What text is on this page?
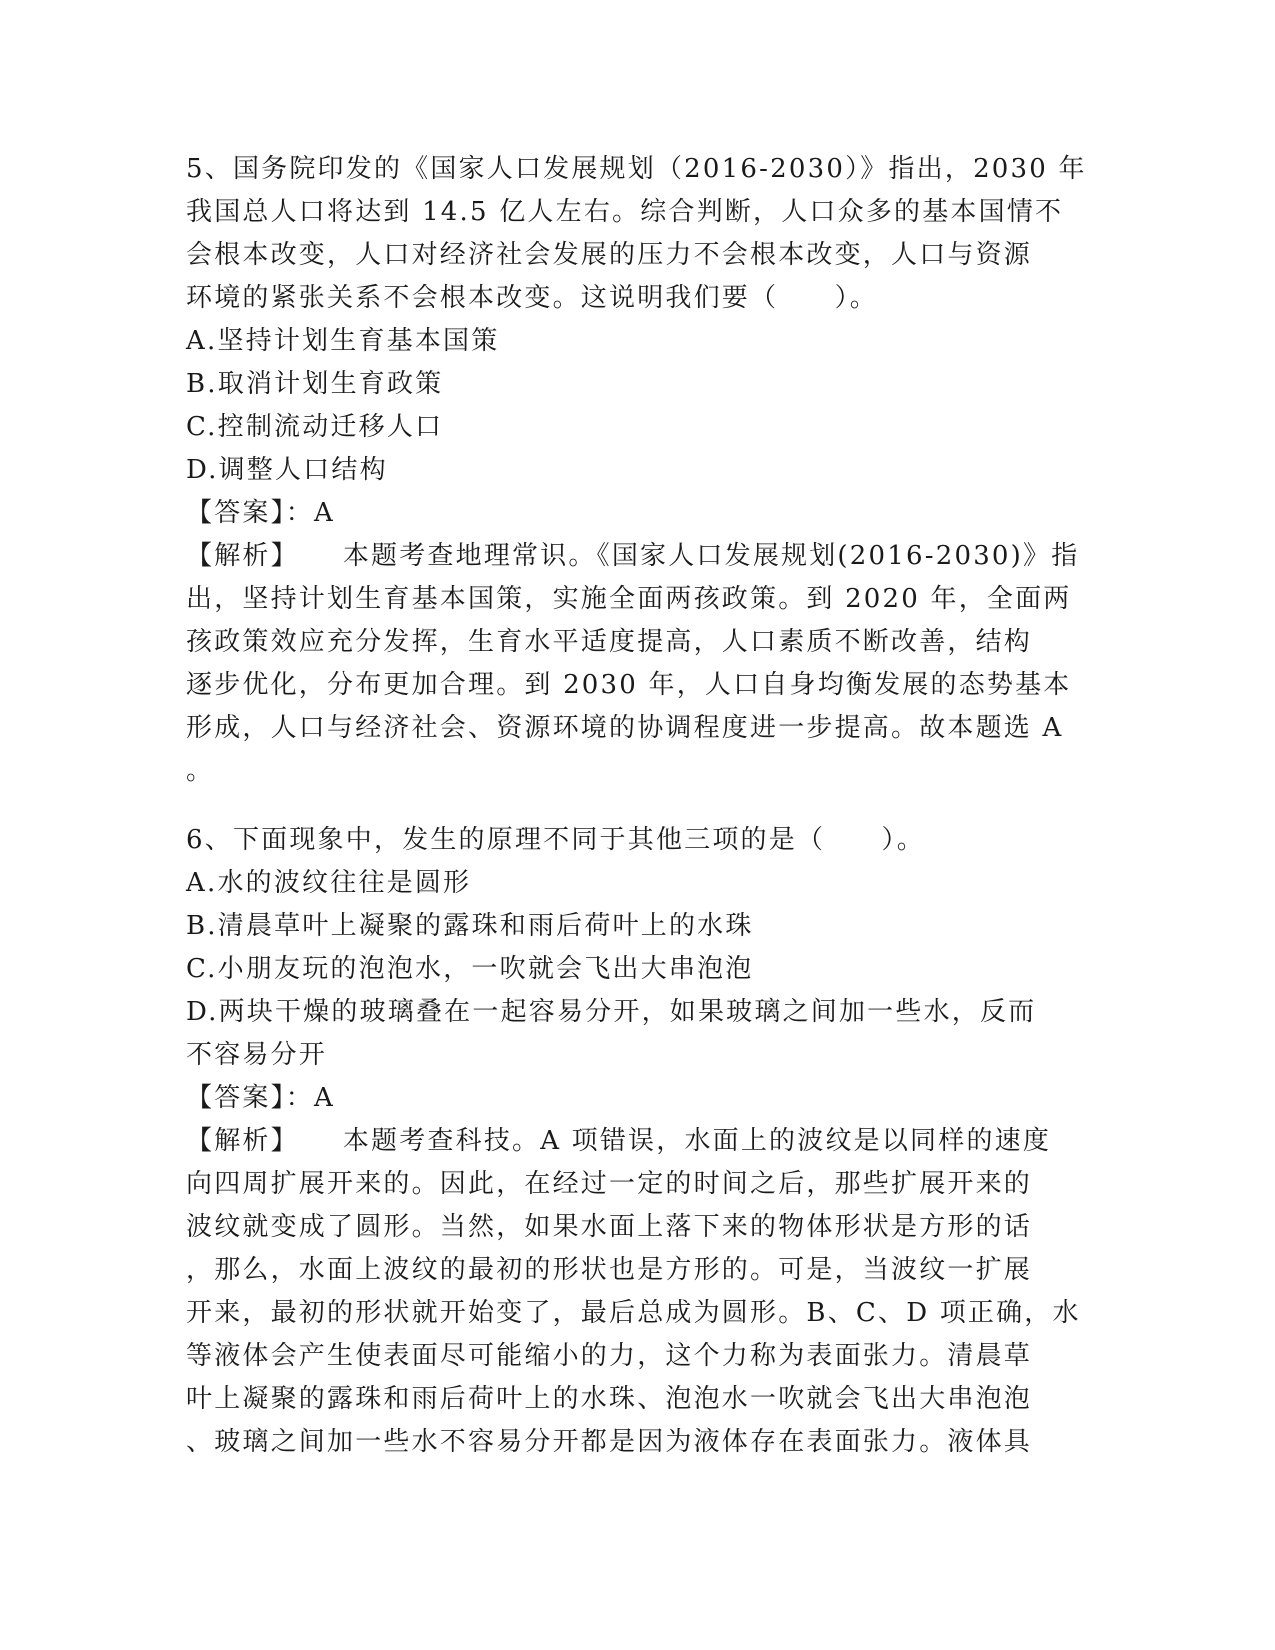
5、国务院印发的《国家人口发展规划（2016-2030）》指出，2030 年
我国总人口将达到 14.5 亿人左右。综合判断，人口众多的基本国情不
会根本改变，人口对经济社会发展的压力不会根本改变，人口与资源
环境的紧张关系不会根本改变。这说明我们要（　　）。
A.坚持计划生育基本国策
B.取消计划生育政策
C.控制流动迁移人口
D.调整人口结构
【答案】：A
【解析】 本题考查地理常识。《国家人口发展规划(2016-2030)》指
出，坚持计划生育基本国策，实施全面两孩政策。到 2020 年，全面两
孩政策效应充分发挥，生育水平适度提高，人口素质不断改善，结构
逐步优化，分布更加合理。到 2030 年，人口自身均衡发展的态势基本
形成，人口与经济社会、资源环境的协调程度进一步提高。故本题选 A
。
6、下面现象中，发生的原理不同于其他三项的是（　　）。
A.水的波纹往往是圆形
B.清晨草叶上凝聚的露珠和雨后荷叶上的水珠
C.小朋友玩的泡泡水，一吹就会飞出大串泡泡
D.两块干燥的玻璃叠在一起容易分开，如果玻璃之间加一些水，反而
不容易分开
【答案】：A
【解析】 本题考查科技。A 项错误，水面上的波纹是以同样的速度
向四周扩展开来的。因此，在经过一定的时间之后，那些扩展开来的
波纹就变成了圆形。当然，如果水面上落下来的物体形状是方形的话
，那么，水面上波纹的最初的形状也是方形的。可是，当波纹一扩展
开来，最初的形状就开始变了，最后总成为圆形。B、C、D 项正确，水
等液体会产生使表面尽可能缩小的力，这个力称为表面张力。清晨草
叶上凝聚的露珠和雨后荷叶上的水珠、泡泡水一吹就会飞出大串泡泡
、玻璃之间加一些水不容易分开都是因为液体存在表面张力。液体具
